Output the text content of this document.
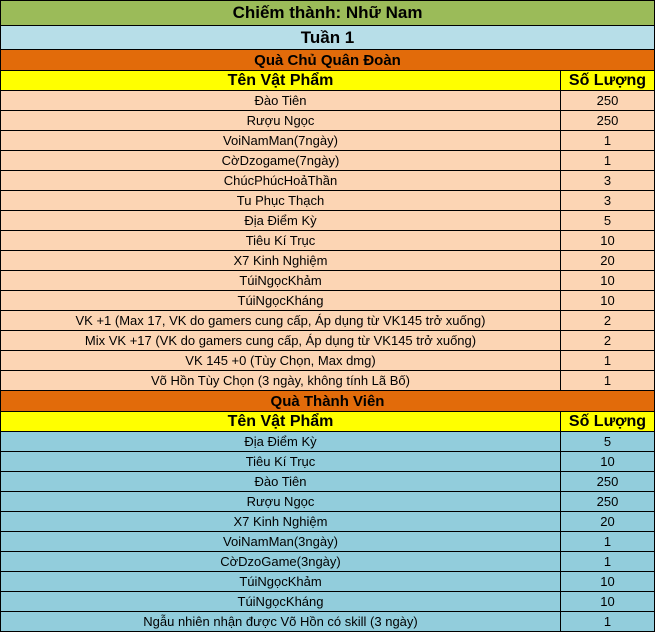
Chiếm thành: Nhữ Nam	
Tuần 1	
Quà Chủ Quân Đoàn	
Tên Vật Phẩm	Số Lượng
Đào Tiên	250
Rượu Ngọc	250
VoiNamMan(7ngày)	1
CờDzogame(7ngày)	1
ChúcPhúcHoảThần	3
Tu Phục Thạch	3
Địa Điểm Kỳ	5
Tiêu Kí Trục	10
X7 Kinh Nghiệm	20
TúiNgọcKhảm	10
TúiNgọcKháng	10
VK +1 (Max 17, VK do gamers cung cấp, Áp dụng từ VK145 trở xuống)	2
Mix VK +17 (VK do gamers cung cấp, Áp dụng từ VK145 trở xuống)	2
VK 145 +0 (Tùy Chọn, Max dmg)	1
Võ Hồn Tùy Chọn (3 ngày, không tính Lã Bố)	1
Quà Thành Viên	
Tên Vật Phẩm	Số Lượng
Địa Điểm Kỳ	5
Tiêu Kí Trục	10
Đào Tiên	250
Rượu Ngọc	250
X7 Kinh Nghiệm	20
VoiNamMan(3ngày)	1
CờDzoGame(3ngày)	1
TúiNgọcKhảm	10
TúiNgọcKháng	10
Ngẫu nhiên nhận được Võ Hồn có skill (3 ngày)	1
